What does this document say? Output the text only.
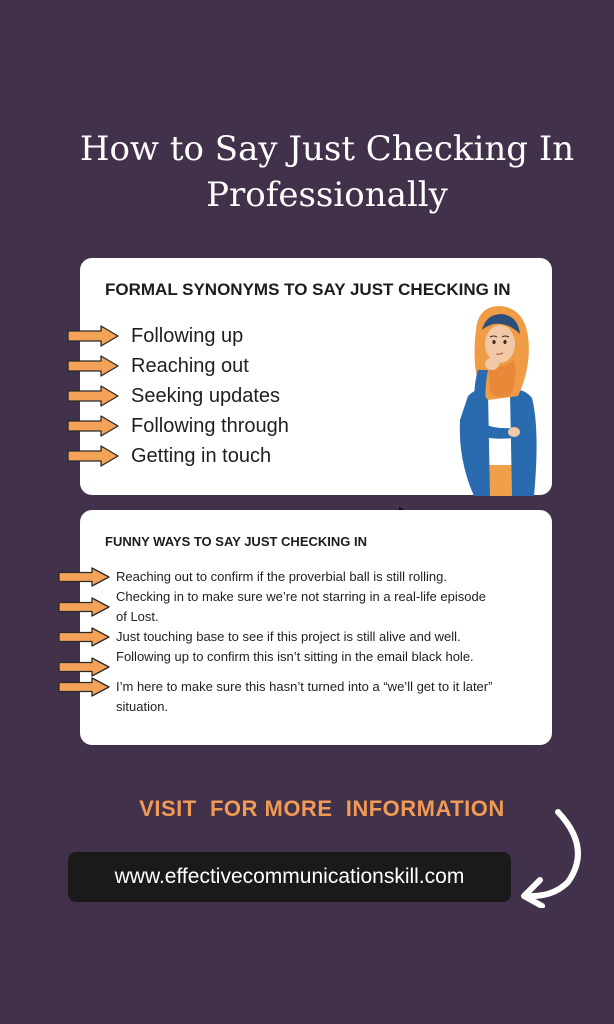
How to Say Just Checking In Professionally
FORMAL SYNONYMS TO SAY JUST CHECKING IN
Following up
Reaching out
Seeking updates
Following through
Getting in touch
FUNNY WAYS TO SAY JUST CHECKING IN
Reaching out to confirm if the proverbial ball is still rolling.
Checking in to make sure we’re not starring in a real-life episode of Lost.
Just touching base to see if this project is still alive and well.
Following up to confirm this isn’t sitting in the email black hole.
I’m here to make sure this hasn’t turned into a “we’ll get to it later” situation.
VISIT  FOR MORE  INFORMATION
www.effectivecommunicationskill.com
